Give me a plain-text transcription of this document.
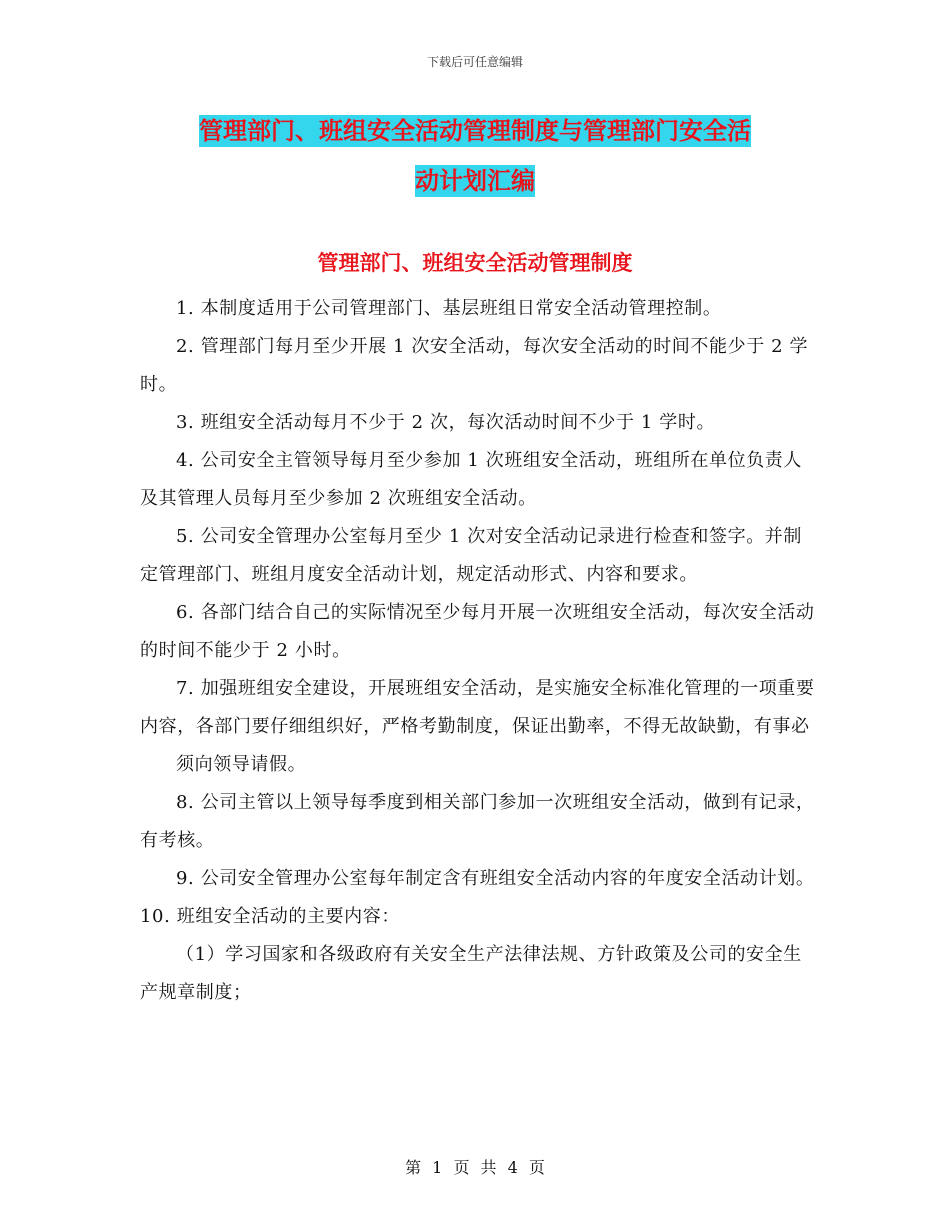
下载后可任意编辑
管理部门、班组安全活动管理制度与管理部门安全活
动计划汇编
管理部门、班组安全活动管理制度

1. 本制度适用于公司管理部门、基层班组日常安全活动管理控制。

2. 管理部门每月至少开展 1 次安全活动，每次安全活动的时间不能少于 2 学时。

3. 班组安全活动每月不少于 2 次，每次活动时间不少于 1 学时。

4. 公司安全主管领导每月至少参加 1 次班组安全活动，班组所在单位负责人及其管理人员每月至少参加 2 次班组安全活动。

5. 公司安全管理办公室每月至少 1 次对安全活动记录进行检查和签字。并制定管理部门、班组月度安全活动计划，规定活动形式、内容和要求。

6. 各部门结合自己的实际情况至少每月开展一次班组安全活动，每次安全活动的时间不能少于 2 小时。

7. 加强班组安全建设，开展班组安全活动，是实施安全标准化管理的一项重要内容，各部门要仔细组织好，严格考勤制度，保证出勤率，不得无故缺勤，有事必

须向领导请假。

8. 公司主管以上领导每季度到相关部门参加一次班组安全活动，做到有记录，有考核。

9. 公司安全管理办公室每年制定含有班组安全活动内容的年度安全活动计划。10. 班组安全活动的主要内容：

（1）学习国家和各级政府有关安全生产法律法规、方针政策及公司的安全生产规章制度；

第 1 页 共 4 页
